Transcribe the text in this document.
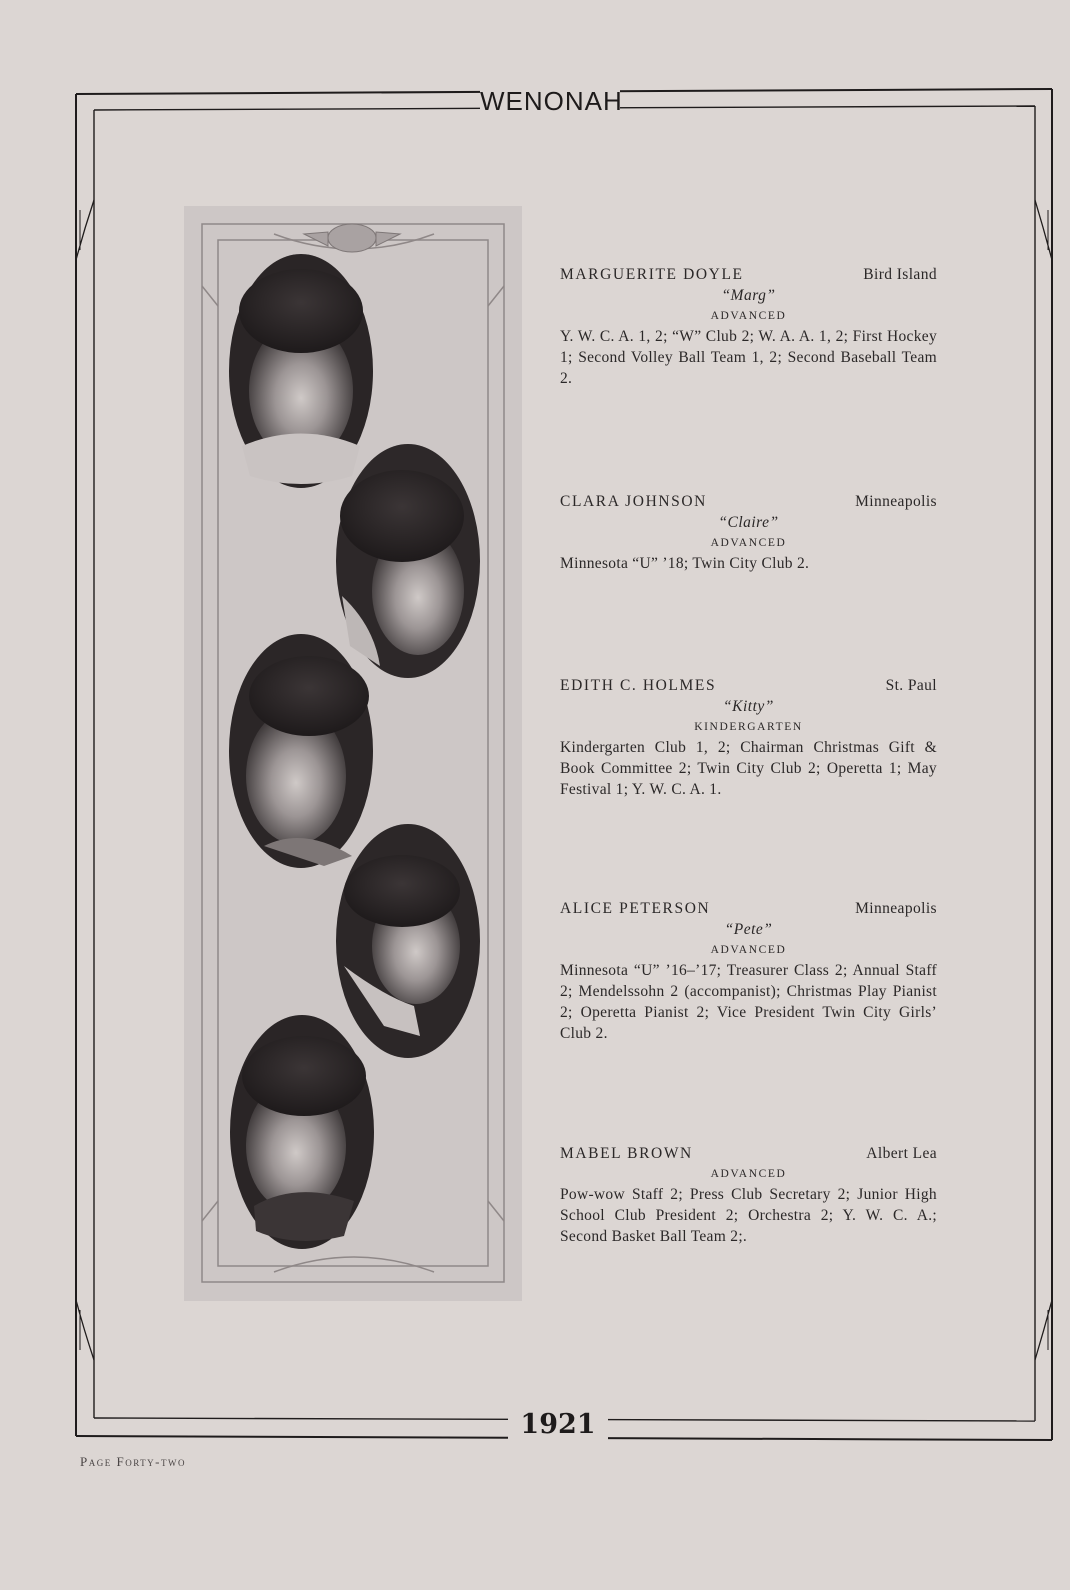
WENONAH
MARGUERITE DOYLE	Bird Island
“Marg”
ADVANCED
Y. W. C. A. 1, 2; “W” Club 2; W. A. A. 1, 2; First Hockey 1; Second Volley Ball Team 1, 2; Second Baseball Team 2.
CLARA JOHNSON	Minneapolis
“Claire”
ADVANCED
Minnesota “U” ’18; Twin City Club 2.
EDITH C. HOLMES	St. Paul
“Kitty”
KINDERGARTEN
Kindergarten Club 1, 2; Chairman Christmas Gift & Book Committee 2; Twin City Club 2; Operetta 1; May Festival 1; Y. W. C. A. 1.
ALICE PETERSON	Minneapolis
“Pete”
ADVANCED
Minnesota “U” ’16–’17; Treasurer Class 2; Annual Staff 2; Mendelssohn 2 (accompanist); Christmas Play Pianist 2; Operetta Pianist 2; Vice President Twin City Girls’ Club 2.
MABEL BROWN	Albert Lea
ADVANCED
Pow-wow Staff 2; Press Club Secretary 2; Junior High School Club President 2; Orchestra 2; Y. W. C. A.; Second Basket Ball Team 2;.
1921
Page Forty-two
